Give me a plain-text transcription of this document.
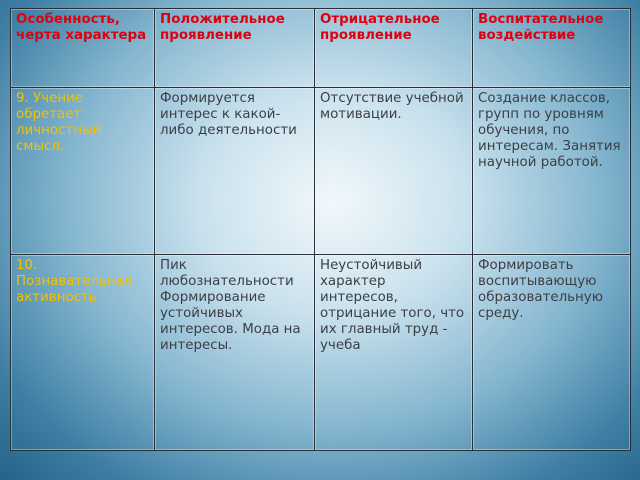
Особенность, черта характера	Положительное проявление	Отрицательное проявление	Воспитательное воздействие
9. Учение обретает личностный смысл.	Формируется интерес к какой-либо деятельности	Отсутствие учебной мотивации.	Создание классов, групп по уровням обучения, по интересам. Занятия научной работой.
10. Познавательная активность	Пик любознательности Формирование устойчивых интересов. Мода на интересы.	Неустойчивый характер интересов, отрицание того, что их главный труд - учеба	Формировать воспитывающую образовательную среду.
